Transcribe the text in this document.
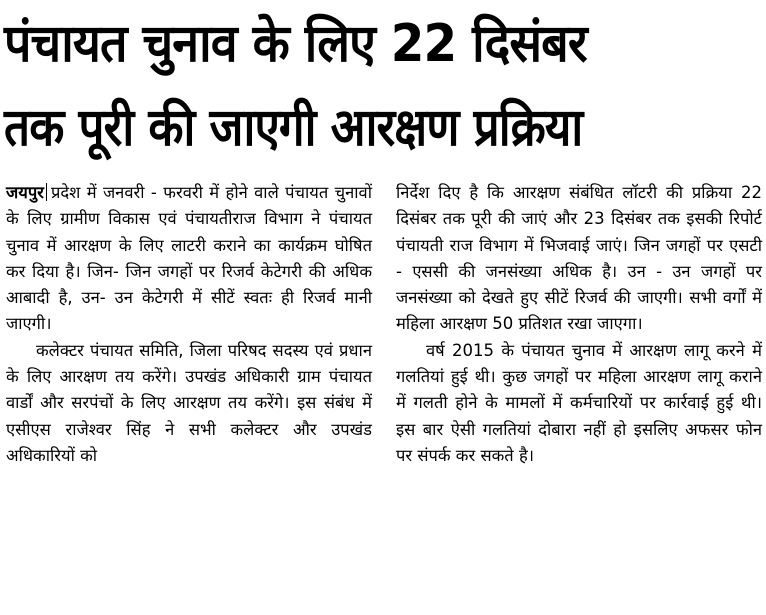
पंचायत चुनाव के लिए 22 दिसंबर
तक पूरी की जाएगी आरक्षण प्रक्रिया

जयपुर प्रदेश में जनवरी - फरवरी में होने वाले पंचायत चुनावों के लिए ग्रामीण विकास एवं पंचायतीराज विभाग ने पंचायत चुनाव में आरक्षण के लिए लाटरी कराने का कार्यक्रम घोषित कर दिया है। जिन- जिन जगहों पर रिजर्व केटेगरी की अधिक आबादी है, उन- उन केटेगरी में सीटें स्वतः ही रिजर्व मानी जाएगी।

कलेक्टर पंचायत समिति, जिला परिषद सदस्य एवं प्रधान के लिए आरक्षण तय करेंगे। उपखंड अधिकारी ग्राम पंचायत वार्डों और सरपंचों के लिए आरक्षण तय करेंगे। इस संबंध में एसीएस राजेश्वर सिंह ने सभी कलेक्टर और उपखंड अधिकारियों को

निर्देश दिए है कि आरक्षण संबंधित लॉटरी की प्रक्रिया 22 दिसंबर तक पूरी की जाएं और 23 दिसंबर तक इसकी रिपोर्ट पंचायती राज विभाग में भिजवाई जाएं। जिन जगहों पर एसटी - एससी की जनसंख्या अधिक है। उन - उन जगहों पर जनसंख्या को देखते हुए सीटें रिजर्व की जाएगी। सभी वर्गों में महिला आरक्षण 50 प्रतिशत रखा जाएगा।

वर्ष 2015 के पंचायत चुनाव में आरक्षण लागू करने में गलतियां हुई थी। कुछ जगहों पर महिला आरक्षण लागू कराने में गलती होने के मामलों में कर्मचारियों पर कार्रवाई हुई थी। इस बार ऐसी गलतियां दोबारा नहीं हो इसलिए अफसर फोन पर संपर्क कर सकते है।
